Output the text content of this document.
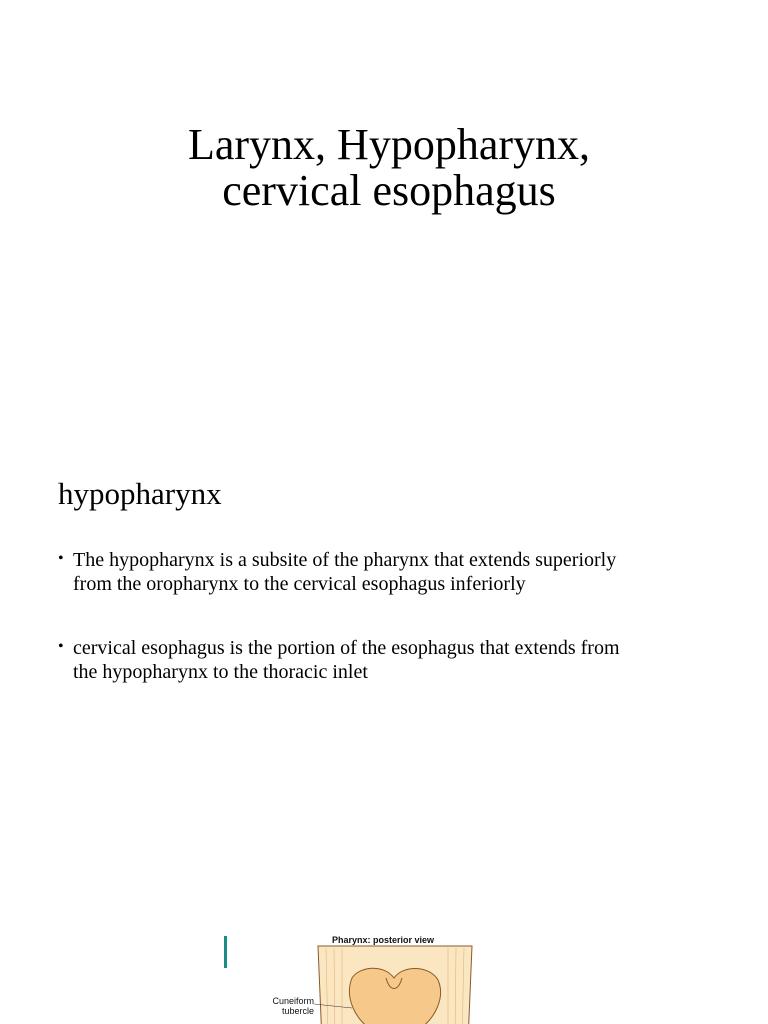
Larynx, Hypopharynx,
cervical esophagus
hypopharynx
• The hypopharynx is a subsite of the pharynx that extends superiorly
from the oropharynx to the cervical esophagus inferiorly
• cervical esophagus is the portion of the esophagus that extends from
the hypopharynx to the thoracic inlet
Pharynx: posterior view
Cuneiform
tubercle
